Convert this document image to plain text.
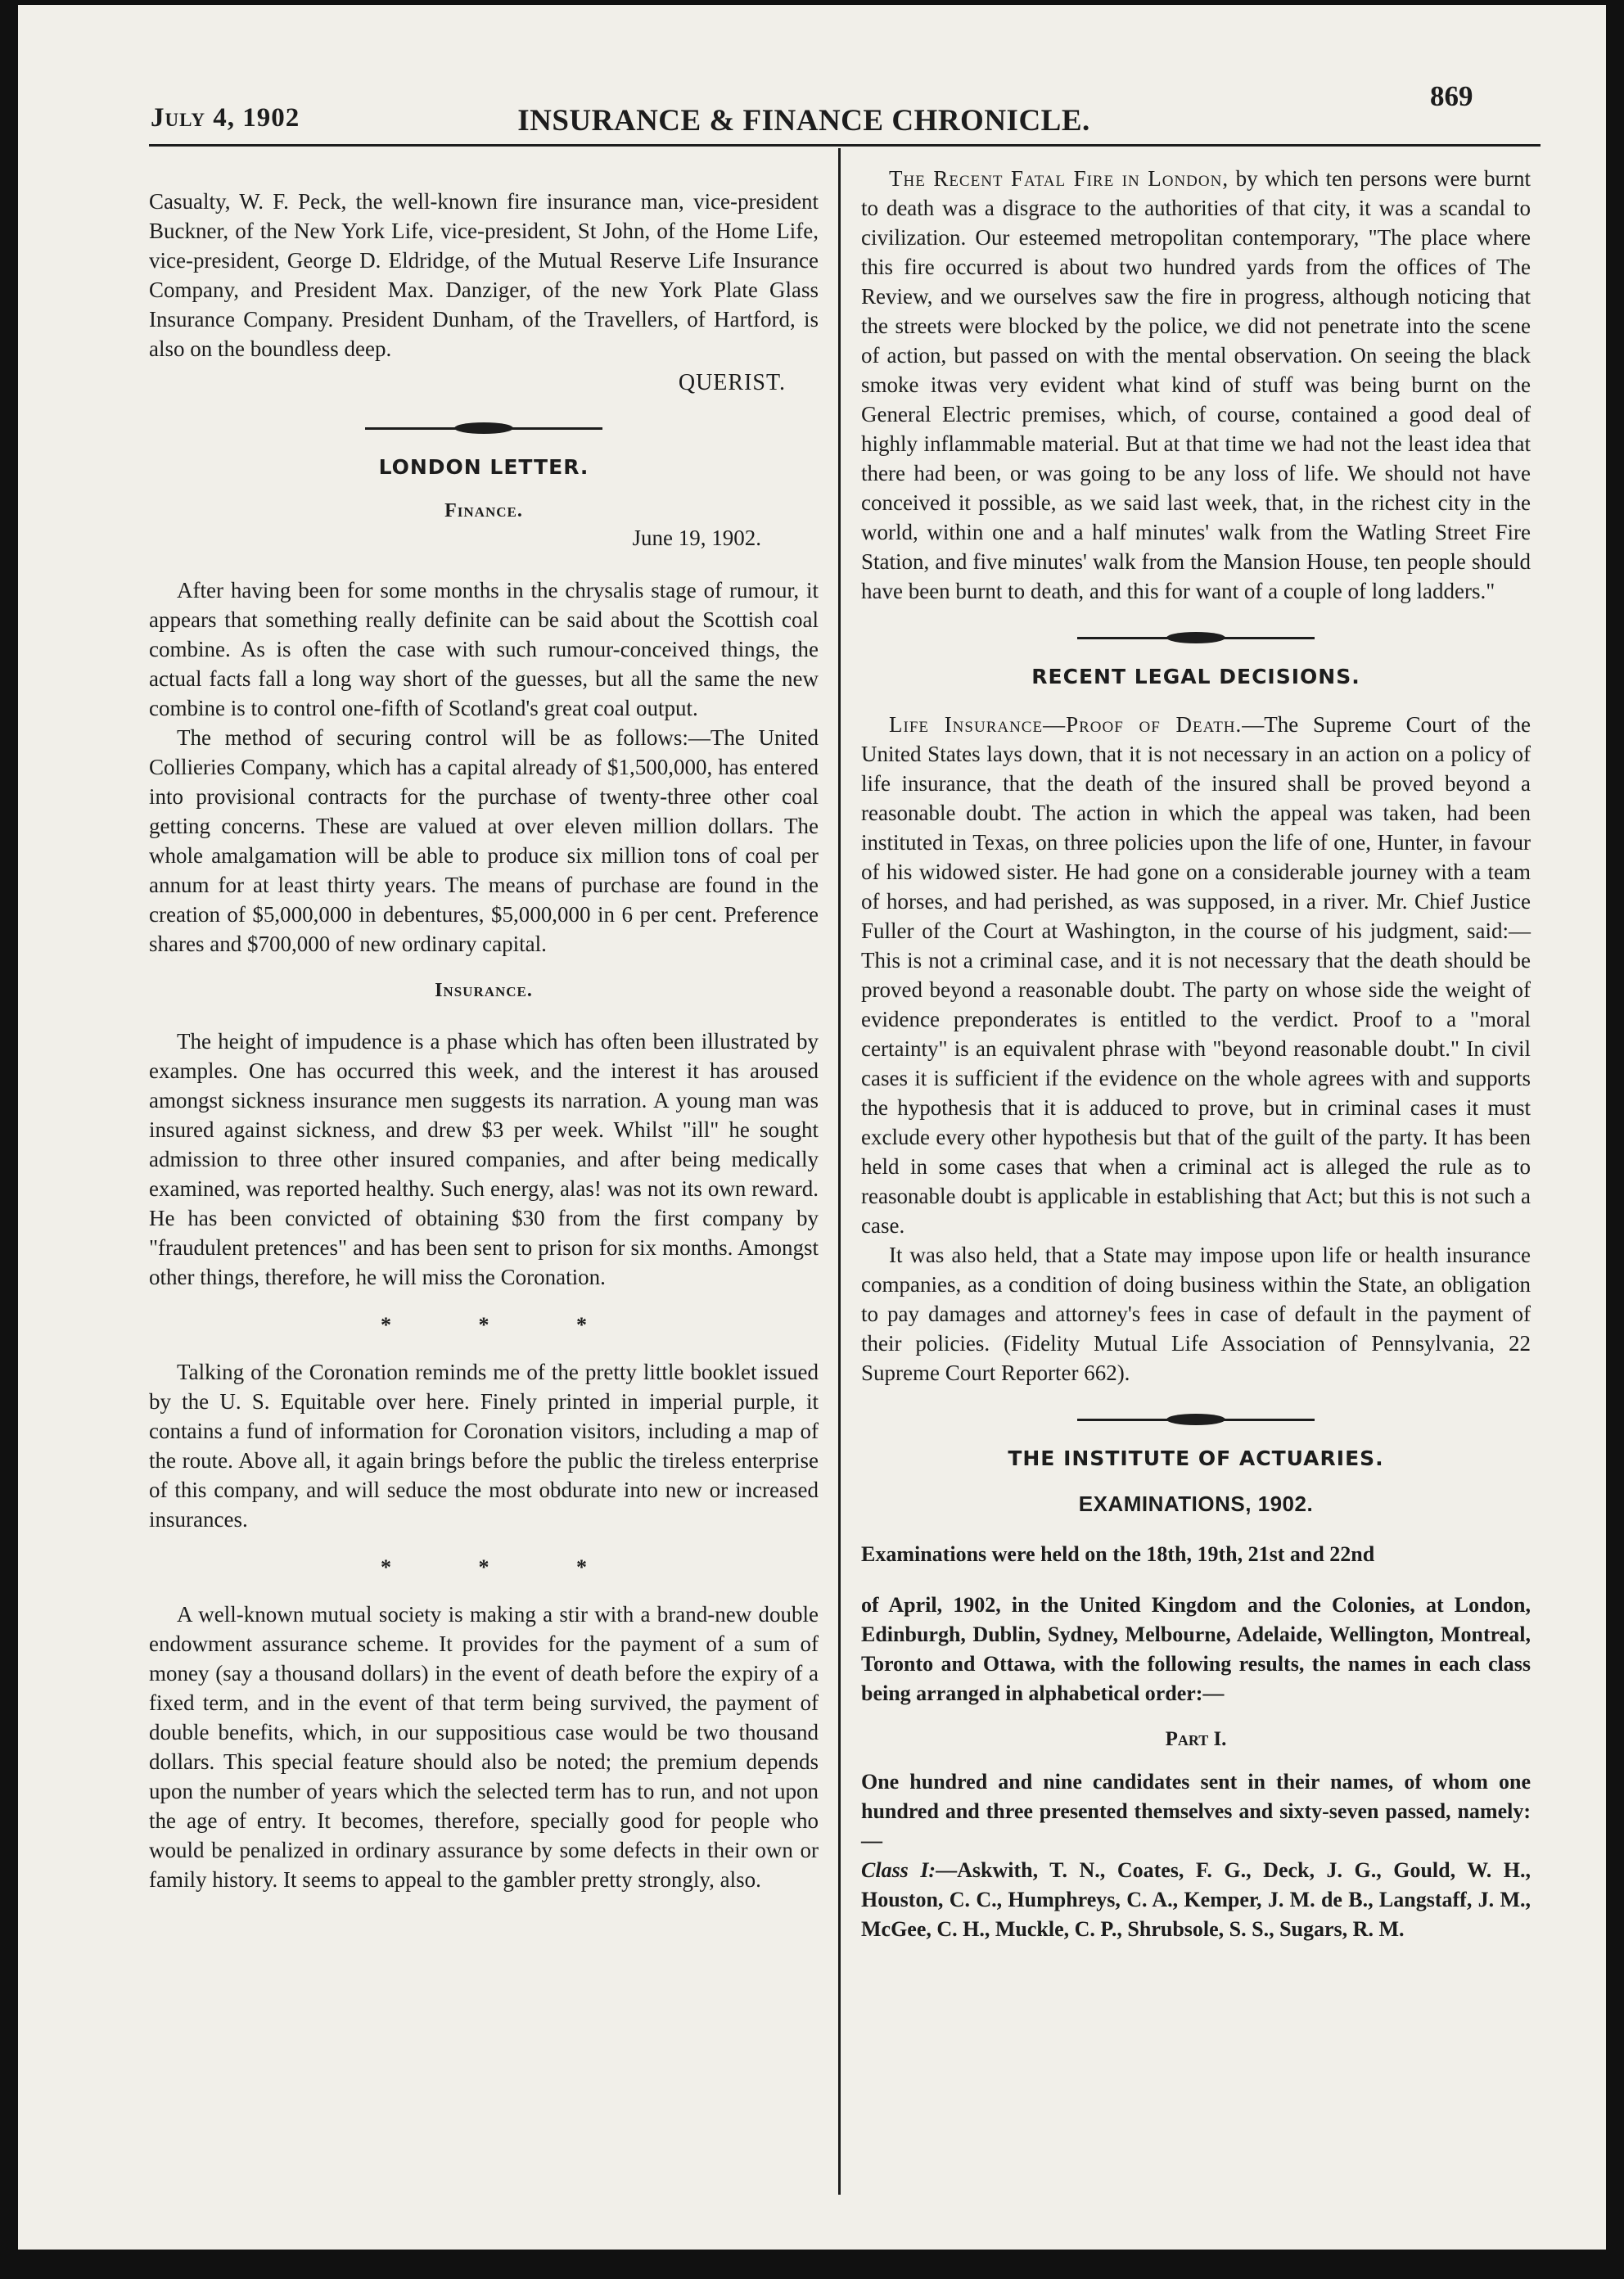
July 4, 1902	INSURANCE & FINANCE CHRONICLE.
869

Casualty, W. F. Peck, the well-known fire insurance man, vice-president Buckner, of the New York Life, vice-president, St John, of the Home Life, vice-president, George D. Eldridge, of the Mutual Reserve Life Insurance Company, and President Max. Danziger, of the new York Plate Glass Insurance Company. President Dunham, of the Travellers, of Hartford, is also on the boundless deep.

QUERIST.
LONDON LETTER.
Finance.
June 19, 1902.

After having been for some months in the chrysalis stage of rumour, it appears that something really definite can be said about the Scottish coal combine. As is often the case with such rumour-conceived things, the actual facts fall a long way short of the guesses, but all the same the new combine is to control one-fifth of Scotland's great coal output.

The method of securing control will be as follows:—The United Collieries Company, which has a capital already of $1,500,000, has entered into provisional contracts for the purchase of twenty-three other coal getting concerns. These are valued at over eleven million dollars. The whole amalgamation will be able to produce six million tons of coal per annum for at least thirty years. The means of purchase are found in the creation of $5,000,000 in debentures, $5,000,000 in 6 per cent. Preference shares and $700,000 of new ordinary capital.

Insurance.

The height of impudence is a phase which has often been illustrated by examples. One has occurred this week, and the interest it has aroused amongst sickness insurance men suggests its narration. A young man was insured against sickness, and drew $3 per week. Whilst "ill" he sought admission to three other insured companies, and after being medically examined, was reported healthy. Such energy, alas! was not its own reward. He has been convicted of obtaining $30 from the first company by "fraudulent pretences" and has been sent to prison for six months. Amongst other things, therefore, he will miss the Coronation.

* * *

Talking of the Coronation reminds me of the pretty little booklet issued by the U. S. Equitable over here. Finely printed in imperial purple, it contains a fund of information for Coronation visitors, including a map of the route. Above all, it again brings before the public the tireless enterprise of this company, and will seduce the most obdurate into new or increased insurances.

* * *

A well-known mutual society is making a stir with a brand-new double endowment assurance scheme. It provides for the payment of a sum of money (say a thousand dollars) in the event of death before the expiry of a fixed term, and in the event of that term being survived, the payment of double benefits, which, in our suppositious case would be two thousand dollars. This special feature should also be noted; the premium depends upon the number of years which the selected term has to run, and not upon the age of entry. It becomes, therefore, specially good for people who would be penalized in ordinary assurance by some defects in their own or family history. It seems to appeal to the gambler pretty strongly, also.

The Recent Fatal Fire in London, by which ten persons were burnt to death was a disgrace to the authorities of that city, it was a scandal to civilization. Our esteemed metropolitan contemporary, "The place where this fire occurred is about two hundred yards from the offices of The Review, and we ourselves saw the fire in progress, although noticing that the streets were blocked by the police, we did not penetrate into the scene of action, but passed on with the mental observation. On seeing the black smoke itwas very evident what kind of stuff was being burnt on the General Electric premises, which, of course, contained a good deal of highly inflammable material. But at that time we had not the least idea that there had been, or was going to be any loss of life. We should not have conceived it possible, as we said last week, that, in the richest city in the world, within one and a half minutes' walk from the Watling Street Fire Station, and five minutes' walk from the Mansion House, ten people should have been burnt to death, and this for want of a couple of long ladders."

RECENT LEGAL DECISIONS.

Life Insurance—Proof of Death.—The Supreme Court of the United States lays down, that it is not necessary in an action on a policy of life insurance, that the death of the insured shall be proved beyond a reasonable doubt. The action in which the appeal was taken, had been instituted in Texas, on three policies upon the life of one, Hunter, in favour of his widowed sister. He had gone on a considerable journey with a team of horses, and had perished, as was supposed, in a river. Mr. Chief Justice Fuller of the Court at Washington, in the course of his judgment, said:—This is not a criminal case, and it is not necessary that the death should be proved beyond a reasonable doubt. The party on whose side the weight of evidence preponderates is entitled to the verdict. Proof to a "moral certainty" is an equivalent phrase with "beyond reasonable doubt." In civil cases it is sufficient if the evidence on the whole agrees with and supports the hypothesis that it is adduced to prove, but in criminal cases it must exclude every other hypothesis but that of the guilt of the party. It has been held in some cases that when a criminal act is alleged the rule as to reasonable doubt is applicable in establishing that Act; but this is not such a case.

It was also held, that a State may impose upon life or health insurance companies, as a condition of doing business within the State, an obligation to pay damages and attorney's fees in case of default in the payment of their policies. (Fidelity Mutual Life Association of Pennsylvania, 22 Supreme Court Reporter 662).

THE INSTITUTE OF ACTUARIES.
EXAMINATIONS, 1902.

Examinations were held on the 18th, 19th, 21st and 22nd

of April, 1902, in the United Kingdom and the Colonies, at London, Edinburgh, Dublin, Sydney, Melbourne, Adelaide, Wellington, Montreal, Toronto and Ottawa, with the following results, the names in each class being arranged in alphabetical order:—

Part I.

One hundred and nine candidates sent in their names, of whom one hundred and three presented themselves and sixty-seven passed, namely:—

Class I:—Askwith, T. N., Coates, F. G., Deck, J. G., Gould, W. H., Houston, C. C., Humphreys, C. A., Kemper, J. M. de B., Langstaff, J. M., McGee, C. H., Muckle, C. P., Shrubsole, S. S., Sugars, R. M.
